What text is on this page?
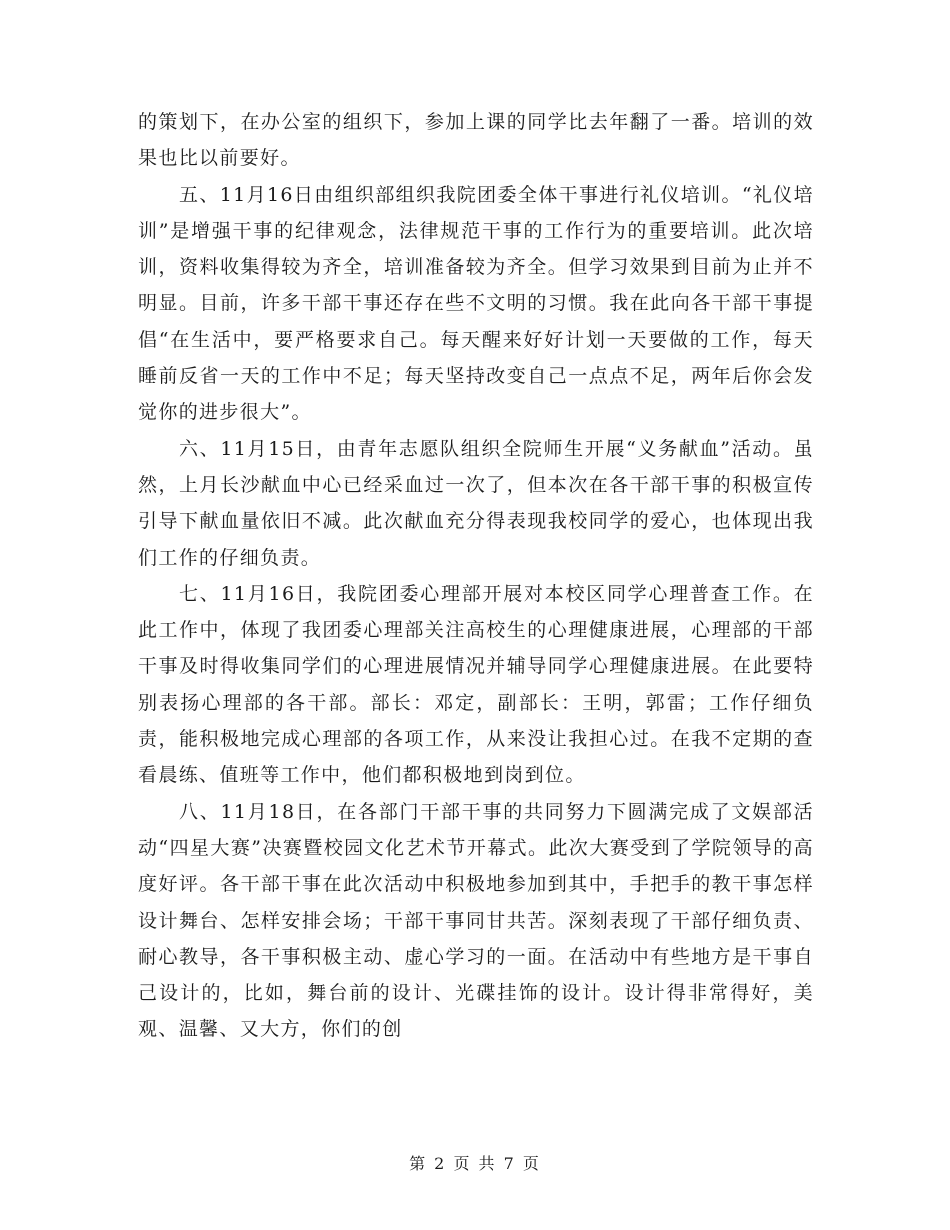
的策划下，在办公室的组织下，参加上课的同学比去年翻了一番。培训的效果也比以前要好。

五、11月16日由组织部组织我院团委全体干事进行礼仪培训。“礼仪培训”是增强干事的纪律观念，法律规范干事的工作行为的重要培训。此次培训，资料收集得较为齐全，培训准备较为齐全。但学习效果到目前为止并不明显。目前，许多干部干事还存在些不文明的习惯。我在此向各干部干事提倡“在生活中，要严格要求自己。每天醒来好好计划一天要做的工作，每天睡前反省一天的工作中不足；每天坚持改变自己一点点不足，两年后你会发觉你的进步很大”。

六、11月15日，由青年志愿队组织全院师生开展“义务献血”活动。虽然，上月长沙献血中心已经采血过一次了，但本次在各干部干事的积极宣传引导下献血量依旧不减。此次献血充分得表现我校同学的爱心，也体现出我们工作的仔细负责。

七、11月16日，我院团委心理部开展对本校区同学心理普查工作。在此工作中，体现了我团委心理部关注高校生的心理健康进展，心理部的干部干事及时得收集同学们的心理进展情况并辅导同学心理健康进展。在此要特别表扬心理部的各干部。部长：邓定，副部长：王明，郭雷；工作仔细负责，能积极地完成心理部的各项工作，从来没让我担心过。在我不定期的查看晨练、值班等工作中，他们都积极地到岗到位。

八、11月18日，在各部门干部干事的共同努力下圆满完成了文娱部活动“四星大赛”决赛暨校园文化艺术节开幕式。此次大赛受到了学院领导的高度好评。各干部干事在此次活动中积极地参加到其中，手把手的教干事怎样设计舞台、怎样安排会场；干部干事同甘共苦。深刻表现了干部仔细负责、耐心教导，各干事积极主动、虚心学习的一面。在活动中有些地方是干事自己设计的，比如，舞台前的设计、光碟挂饰的设计。设计得非常得好，美观、温馨、又大方，你们的创

第 2 页 共 7 页
